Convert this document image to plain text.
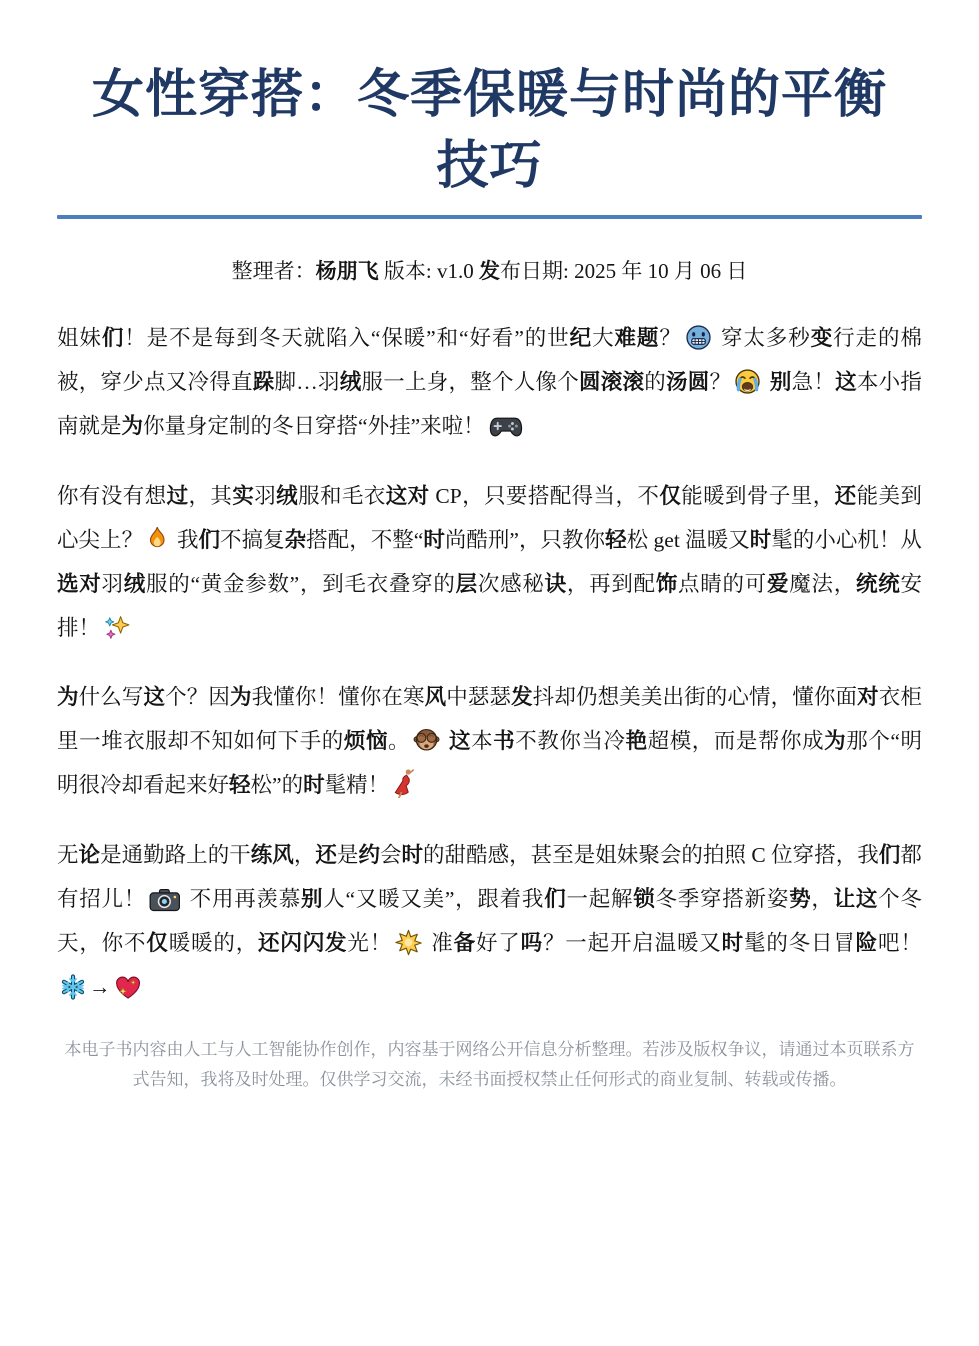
女性穿搭：冬季保暖与时尚的平衡
技巧

整理者：杨朋飞 版本: v1.0 发布日期: 2025 年 10 月 06 日

姐妹们！是不是每到冬天就陷入“保暖”和“好看”的世纪大难题？ 穿太多秒变行走的棉被，穿少点又冷得直跺脚…羽绒服一上身，整个人像个圆滚滚的汤圆？ 别急！这本小指南就是为你量身定制的冬日穿搭“外挂”来啦！

你有没有想过，其实羽绒服和毛衣这对 CP，只要搭配得当，不仅能暖到骨子里，还能美到心尖上？ 我们不搞复杂搭配，不整“时尚酷刑”，只教你轻松 get 温暖又时髦的小心机！从选对羽绒服的“黄金参数”，到毛衣叠穿的层次感秘诀，再到配饰点睛的可爱魔法，统统安排！

为什么写这个？因为我懂你！懂你在寒风中瑟瑟发抖却仍想美美出街的心情，懂你面对衣柜里一堆衣服却不知如何下手的烦恼。 这本书不教你当冷艳超模，而是帮你成为那个“明明很冷却看起来好轻松”的时髦精！

无论是通勤路上的干练风，还是约会时的甜酷感，甚至是姐妹聚会的拍照 C 位穿搭，我们都有招儿！ 不用再羡慕别人“又暖又美”，跟着我们一起解锁冬季穿搭新姿势，让这个冬天，你不仅暖暖的，还闪闪发光！ 准备好了吗？一起开启温暖又时髦的冬日冒险吧！→

本电子书内容由人工与人工智能协作创作，内容基于网络公开信息分析整理。若涉及版权争议，请通过本页联系方式告知，我将及时处理。仅供学习交流，未经书面授权禁止任何形式的商业复制、转载或传播。
